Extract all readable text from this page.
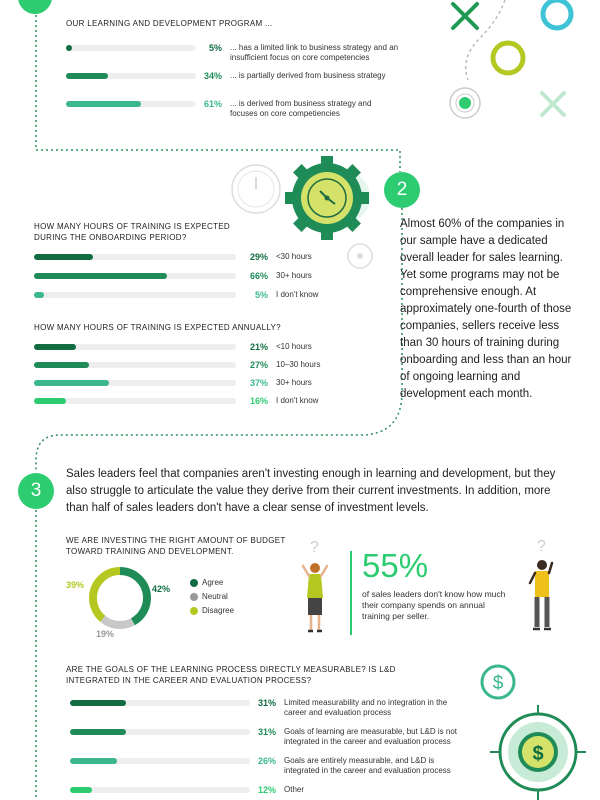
OUR LEARNING AND DEVELOPMENT PROGRAM ...
5% ... has a limited link to business strategy and an insufficient focus on core competencies
34% ... is partially derived from business strategy
61% ... is derived from business strategy and focuses on core competiencies
2
HOW MANY HOURS OF TRAINING IS EXPECTED DURING THE ONBOARDING PERIOD?
29% <30 hours
66% 30+ hours
5% I don't know
HOW MANY HOURS OF TRAINING IS EXPECTED ANNUALLY?
21% <10 hours
27% 10–30 hours
37% 30+ hours
16% I don't know
Almost 60% of the companies in our sample have a dedicated overall leader for sales learning. Yet some programs may not be comprehensive enough. At approximately one-fourth of those companies, sellers receive less than 30 hours of training during onboarding and less than an hour of ongoing learning and development each month.
3
Sales leaders feel that companies aren't investing enough in learning and development, but they also struggle to articulate the value they derive from their current investments. In addition, more than half of sales leaders don't have a clear sense of investment levels.
WE ARE INVESTING THE RIGHT AMOUNT OF BUDGET TOWARD TRAINING AND DEVELOPMENT.
39%	42%
19%
Agree
Neutral
Disagree
? 55%
of sales leaders don't know how much their company spends on annual training per seller.
?
ARE THE GOALS OF THE LEARNING PROCESS DIRECTLY MEASURABLE? IS L&D INTEGRATED IN THE CAREER AND EVALUATION PROCESS?
31% Limited measurability and no integration in the career and evaluation process
31% Goals of learning are measurable, but L&D is not integrated in the career and evaluation process
26% Goals are entirely measurable, and L&D is integrated in the career and evaluation process
12% Other
$
$
